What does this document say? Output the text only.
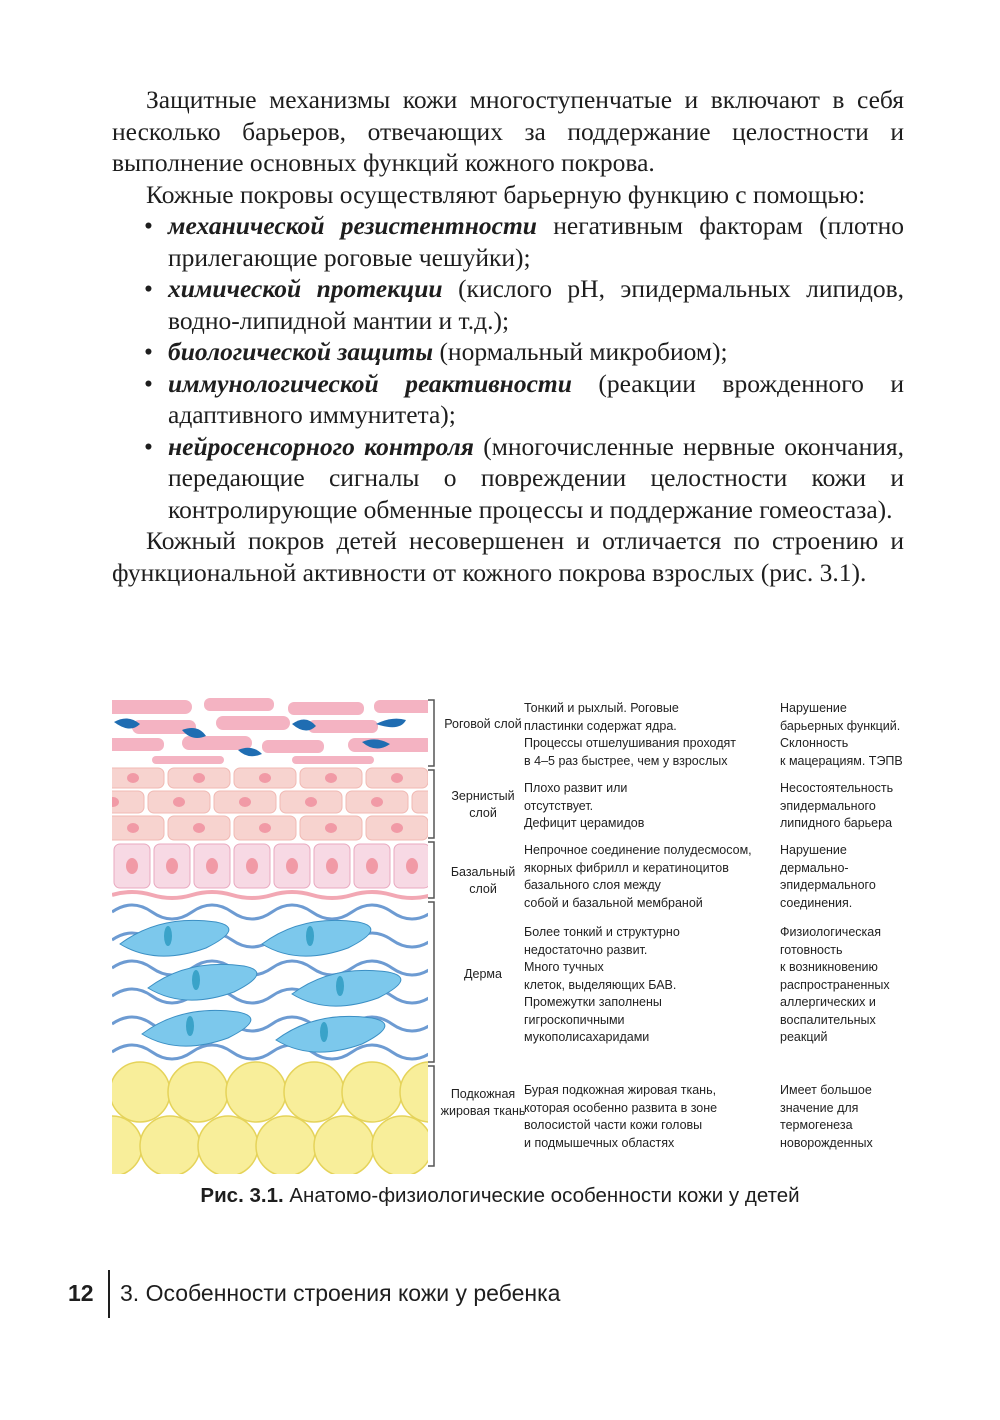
Защитные механизмы кожи многоступенчатые и включают в себя несколько барьеров, отвечающих за поддержание целостности и выполнение основных функций кожного покрова.

Кожные покровы осуществляют барьерную функцию с помощью:

• механической резистентности негативным факторам (плотно прилегающие роговые чешуйки);
• химической протекции (кислого pH, эпидермальных липидов, водно-липидной мантии и т.д.);
• биологической защиты (нормальный микробиом);
• иммунологической реактивности (реакции врожденного и адаптивного иммунитета);
• нейросенсорного контроля (многочисленные нервные окончания, передающие сигналы о повреждении целостности кожи и контролирующие обменные процессы и поддержание гомеостаза).

Кожный покров детей несовершенен и отличается по строению и функциональной активности от кожного покрова взрослых (рис. 3.1).

Роговой слой
Тонкий и рыхлый. Роговые
пластинки содержат ядра.
Процессы отшелушивания проходят
в 4–5 раз быстрее, чем у взрослых
Нарушение
барьерных функций.
Склонность
к мацерациям. ТЭПВ
Зернистый слой
Плохо развит или
отсутствует.
Дефицит церамидов
Несостоятельность
эпидермального
липидного барьера
Базальный слой
Непрочное соединение полудесмосом,
якорных фибрилл и кератиноцитов
базального слоя между
собой и базальной мембраной
Нарушение
дермально-
эпидермального
соединения.
Дерма
Более тонкий и структурно
недостаточно развит.
Много тучных
клеток, выделяющих БАВ.
Промежутки заполнены
гигроскопичными
мукополисахаридами
Физиологическая
готовность
к возникновению
распространенных
аллергических и
воспалительных
реакций
Подкожная жировая ткань
Бурая подкожная жировая ткань,
которая особенно развита в зоне
волосистой части кожи головы
и подмышечных областях
Имеет большое
значение для
термогенеза
новорожденных
Рис. 3.1. Анатомо-физиологические особенности кожи у детей
12 3. Особенности строения кожи у ребенка
